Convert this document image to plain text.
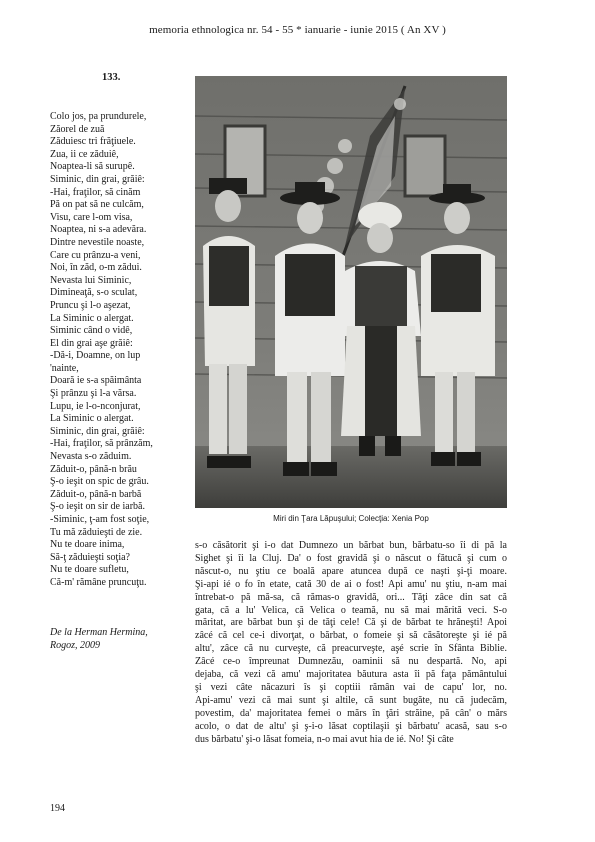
memoria ethnologica nr. 54 - 55 * ianuarie - iunie 2015 ( An XV )
133.
Colo jos, pa prundurele,
Zăorel de zuă
Zăduiesc tri frăţiuele.
Zua, ii ce zăduiê,
Noaptea-li să surupê.
Siminic, din grai, grăiê:
-Hai, fraţilor, să cinăm
Pă on pat să ne culcăm,
Visu, care l-om visa,
Noaptea, ni s-a adevăra.
Dintre nevestile noaste,
Care cu prânzu-a veni,
Noi, în zăd, o-m zădui.
Nevasta lui Siminic,
Dimineaţă, s-o sculat,
Pruncu şi l-o aşezat,
La Siminic o alergat.
Siminic când o vidê,
El din grai aşe grăiê:
-Dă-i, Doamne, on lup
'nainte,
Doară ie s-a spăimânta
Şi prânzu şi l-a vărsa.
Lupu, ie l-o-nconjurat,
La Siminic o alergat.
Siminic, din grai, grăiê:
-Hai, fraţilor, să prânzăm,
Nevasta s-o zăduim.
Zăduit-o, până-n brău
Ş-o ieşit on spic de grâu.
Zăduit-o, până-n barbă
Ş-o ieşit on sir de iarbă.
-Siminic, ţ-am fost soţie,
Tu mă zăduieşti de zie.
Nu te doare inima,
Să-ţ zăduieşti soţia?
Nu te doare sufletu,
Că-m' rămâne pruncuţu.
De la Herman Hermina,
Rogoz, 2009
Miri din Ţara Lăpuşului; Colecţia: Xenia Pop
s-o căsătorit şi i-o dat Dumnezo un bărbat bun, bărbatu-so îi di pă la
Sighet şi îi la Cluj. Da' o fost gravidă şi o născut o fătucă şi cum o
născut-o, nu ştiu ce boală apare atuncea după ce naşti şi-ţi moare.
Şi-api ié o fo în etate, cată 30 de ai o fost! Api amu' nu ştiu, n-am mai
întrebat-o pă mă-sa, că rămas-o gravidă, ori... Tăţi zâce din sat că
gata, că a lu' Velica, că Velica o teamă, nu să mai mărită veci. S-o
măritat, are bărbat bun şi de tăţi cele! Că şi de bărbat te hrăneşti! Apoi
zâcé că cel ce-i divorţat, o bărbat, o fomeie şi să căsătoreşte şi ié pă
altu', zâce că nu curveşte, că preacurveşte, aşé scrie în Sfânta Biblie.
Zâcé ce-o împreunat Dumnezău, oaminii să nu despartă. No, api
dejaba, că vezi că amu' majoritatea băutura asta îi pă faţa pământului
şi vezi câte năcazuri îs şi coptiii rămân vai de capu' lor, no.
Api-amu' vezi că mai sunt şi altile, că sunt bugăte, nu că judecăm,
povestim, da' majoritatea femei o mărs în ţări străine, pă cân' o mărs
acolo, o dat de altu' şi ş-i-o lăsat coptilaşii şi bărbatu' acasă, sau s-o
dus bărbatu' şi-o lăsat fomeia, n-o mai avut hia de ié. No! Şi câte
194
